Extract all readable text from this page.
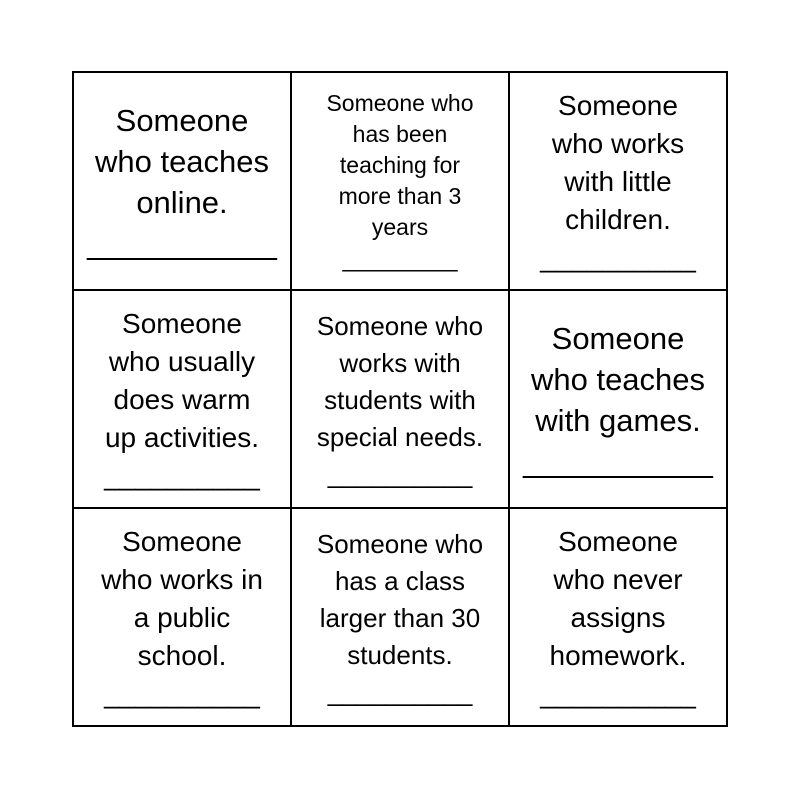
Someone
who teaches
online.
___________
Someone who
has been
teaching for
more than 3
years
_________
Someone
who works
with little
children.
__________
Someone
who usually
does warm
up activities.
__________
Someone who
works with
students with
special needs.
__________
Someone
who teaches
with games.
___________
Someone
who works in
a public
school.
__________
Someone who
has a class
larger than 30
students.
__________
Someone
who never
assigns
homework.
__________
